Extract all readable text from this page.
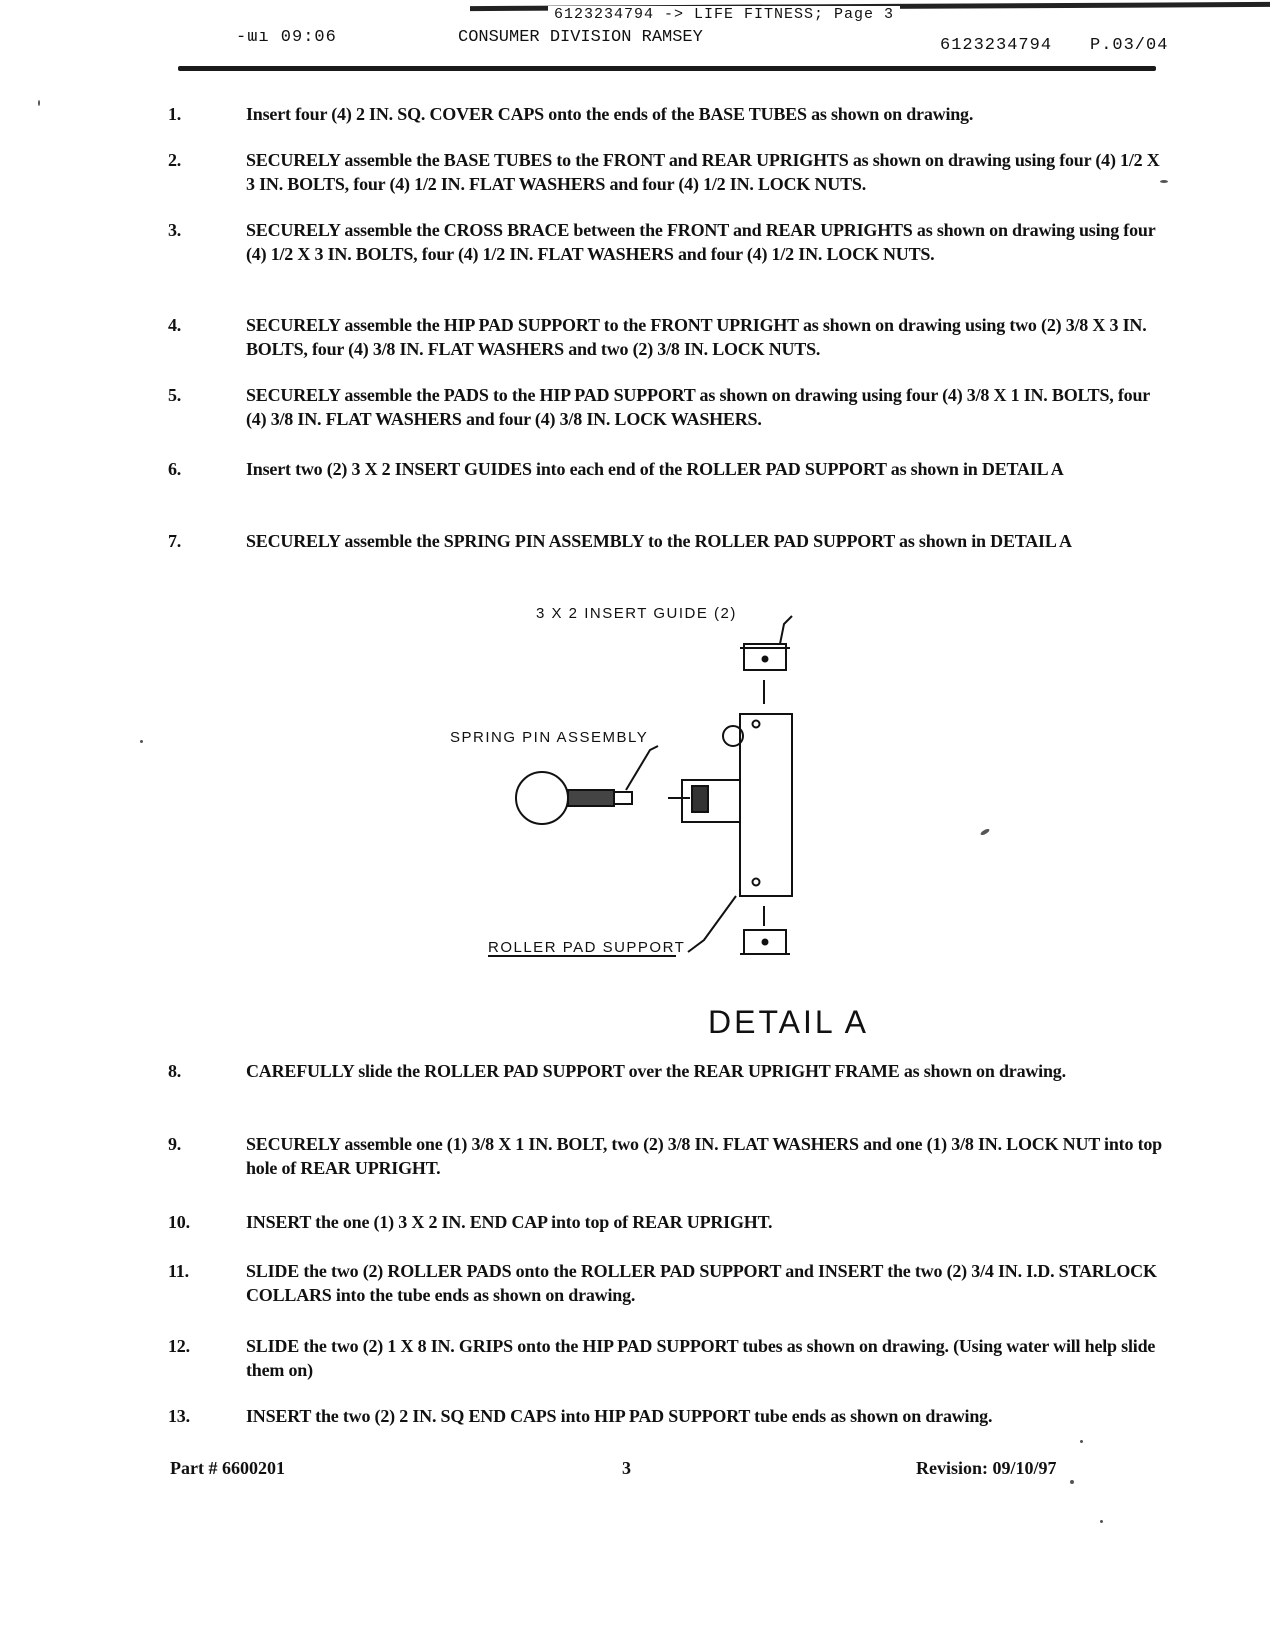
6123234794 -> LIFE FITNESS; Page 3
-ɯı 09:06	CONSUMER DIVISION RAMSEY	6123234794 P.03/04
1.	Insert four (4) 2 IN. SQ. COVER CAPS onto the ends of the BASE TUBES as shown on drawing.
2.	SECURELY assemble the BASE TUBES to the FRONT and REAR UPRIGHTS as shown on drawing using four (4) 1/2 X 3 IN. BOLTS, four (4) 1/2 IN. FLAT WASHERS and four (4) 1/2 IN. LOCK NUTS.
3.	SECURELY assemble the CROSS BRACE between the FRONT and REAR UPRIGHTS as shown on drawing using four (4) 1/2 X 3 IN. BOLTS, four (4) 1/2 IN. FLAT WASHERS and four (4) 1/2 IN. LOCK NUTS.
4.	SECURELY assemble the HIP PAD SUPPORT to the FRONT UPRIGHT as shown on drawing using two (2) 3/8 X 3 IN. BOLTS, four (4) 3/8 IN. FLAT WASHERS and two (2) 3/8 IN. LOCK NUTS.
5.	SECURELY assemble the PADS to the HIP PAD SUPPORT as shown on drawing using four (4) 3/8 X 1 IN. BOLTS, four (4) 3/8 IN. FLAT WASHERS and four (4) 3/8 IN. LOCK WASHERS.
6.	Insert two (2) 3 X 2 INSERT GUIDES into each end of the ROLLER PAD SUPPORT as shown in DETAIL A
7.	SECURELY assemble the SPRING PIN ASSEMBLY to the ROLLER PAD SUPPORT as shown in DETAIL A
3 X 2 INSERT GUIDE (2)
SPRING PIN ASSEMBLY
ROLLER PAD SUPPORT
DETAIL A
8.	CAREFULLY slide the ROLLER PAD SUPPORT over the REAR UPRIGHT FRAME as shown on drawing.
9.	SECURELY assemble one (1) 3/8 X 1 IN. BOLT, two (2) 3/8 IN. FLAT WASHERS and one (1) 3/8 IN. LOCK NUT into top hole of REAR UPRIGHT.
10.	INSERT the one (1) 3 X 2 IN. END CAP into top of REAR UPRIGHT.
11.	SLIDE the two (2) ROLLER PADS onto the ROLLER PAD SUPPORT and INSERT the two (2) 3/4 IN. I.D. STARLOCK COLLARS into the tube ends as shown on drawing.
12.	SLIDE the two (2) 1 X 8 IN. GRIPS onto the HIP PAD SUPPORT tubes as shown on drawing. (Using water will help slide them on)
13.	INSERT the two (2) 2 IN. SQ END CAPS into HIP PAD SUPPORT tube ends as shown on drawing.
Part # 6600201	3	Revision: 09/10/97
